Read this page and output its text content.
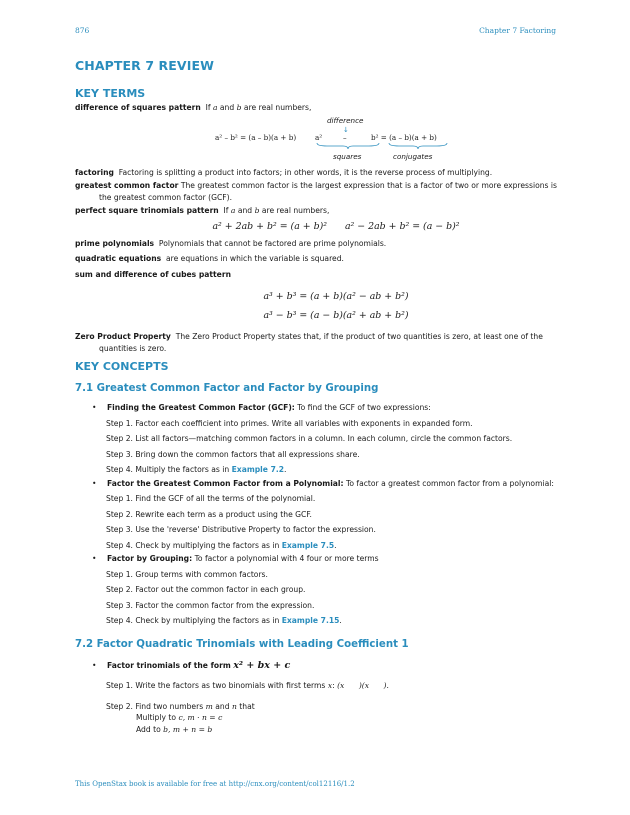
876	Chapter 7 Factoring
CHAPTER 7 REVIEW
KEY TERMS
difference of squares pattern If a and b are real numbers,
difference
↓
a² – b² = (a – b)(a + b)	a²	–	b² = (a – b)(a + b)
squares	conjugates
factoring Factoring is splitting a product into factors; in other words, it is the reverse process of multiplying.
greatest common factor The greatest common factor is the largest expression that is a factor of two or more expressions is the greatest common factor (GCF).
perfect square trinomials pattern If a and b are real numbers,
a² + 2ab + b² = (a + b)² a² − 2ab + b² = (a − b)²
prime polynomials Polynomials that cannot be factored are prime polynomials.
quadratic equations are equations in which the variable is squared.
sum and difference of cubes pattern
a³ + b³ = (a + b)(a² − ab + b²)
a³ − b³ = (a − b)(a² + ab + b²)
Zero Product Property The Zero Product Property states that, if the product of two quantities is zero, at least one of the quantities is zero.
KEY CONCEPTS
7.1 Greatest Common Factor and Factor by Grouping
• Finding the Greatest Common Factor (GCF): To find the GCF of two expressions:
Step 1. Factor each coefficient into primes. Write all variables with exponents in expanded form.
Step 2. List all factors—matching common factors in a column. In each column, circle the common factors.
Step 3. Bring down the common factors that all expressions share.
Step 4. Multiply the factors as in Example 7.2.
• Factor the Greatest Common Factor from a Polynomial: To factor a greatest common factor from a polynomial:
Step 1. Find the GCF of all the terms of the polynomial.
Step 2. Rewrite each term as a product using the GCF.
Step 3. Use the 'reverse' Distributive Property to factor the expression.
Step 4. Check by multiplying the factors as in Example 7.5.
• Factor by Grouping: To factor a polynomial with 4 four or more terms
Step 1. Group terms with common factors.
Step 2. Factor out the common factor in each group.
Step 3. Factor the common factor from the expression.
Step 4. Check by multiplying the factors as in Example 7.15.
7.2 Factor Quadratic Trinomials with Leading Coefficient 1
• Factor trinomials of the form x² + bx + c
Step 1. Write the factors as two binomials with first terms x: (x      )(x      ).
Step 2. Find two numbers m and n that
Multiply to c, m · n = c
Add to b, m + n = b
This OpenStax book is available for free at http://cnx.org/content/col12116/1.2
